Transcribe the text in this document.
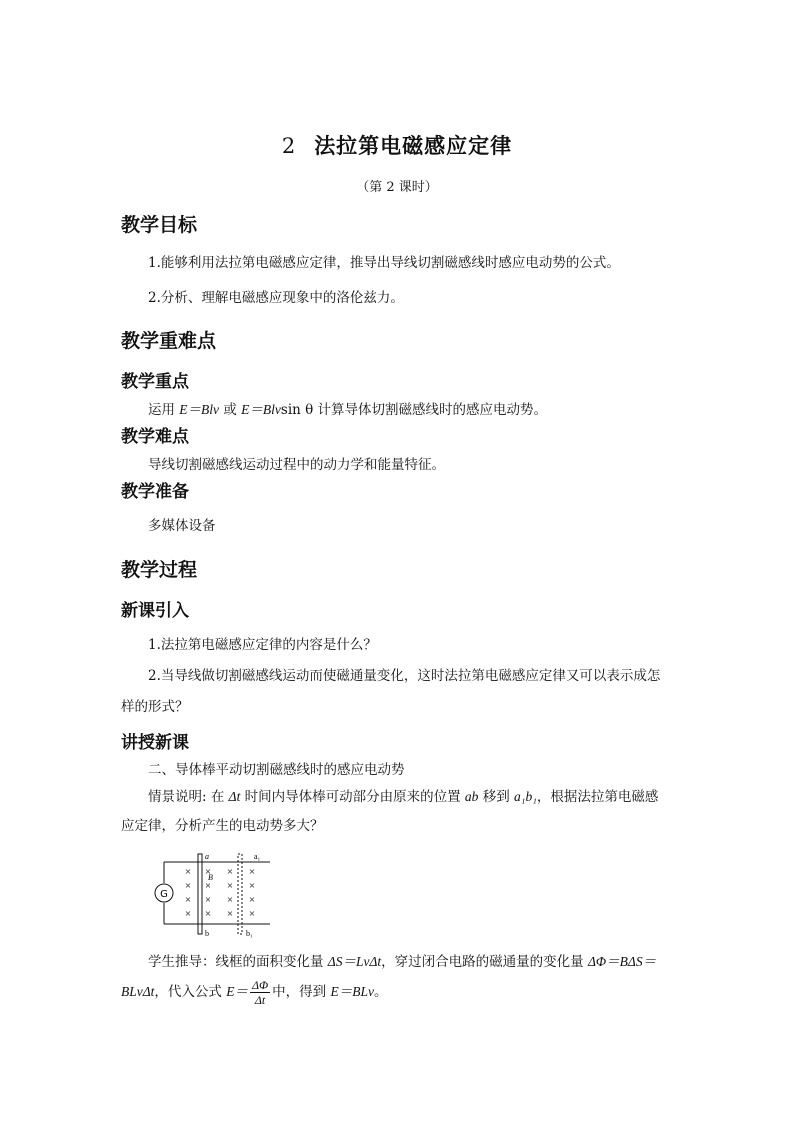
2 法拉第电磁感应定律
（第 2 课时）
教学目标
1.能够利用法拉第电磁感应定律，推导出导线切割磁感线时感应电动势的公式。
2.分析、理解电磁感应现象中的洛伦兹力。
教学重难点
教学重点
运用 E＝Blv 或 E＝Blvsin θ 计算导体切割磁感线时的感应电动势。
教学难点
导线切割磁感线运动过程中的动力学和能量特征。
教学准备
多媒体设备
教学过程
新课引入
1.法拉第电磁感应定律的内容是什么？
2.当导线做切割磁感线运动而使磁通量变化，这时法拉第电磁感应定律又可以表示成怎
样的形式？
讲授新课
二、导体棒平动切割磁感线时的感应电动势
情景说明: 在 Δt 时间内导体棒可动部分由原来的位置 ab 移到 a₁b₁，根据法拉第电磁感
应定律，分析产生的电动势多大？
G
a
b
a₁
b₁
B
× × × ×
× × × ×
× × × ×
× × × ×
学生推导：线框的面积变化量 ΔS＝LvΔt，穿过闭合电路的磁通量的变化量 ΔΦ＝BΔS＝
BLvΔt，代入公式 $E= \frac{\Delta\Phi}{\Delta t}$ 中，得到 E＝BLv。
